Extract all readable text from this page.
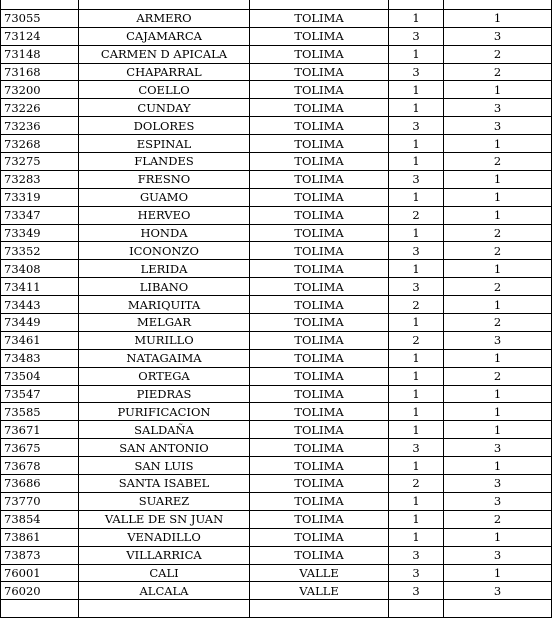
73055	ARMERO	TOLIMA	1	1
73124	CAJAMARCA	TOLIMA	3	3
73148	CARMEN D APICALA	TOLIMA	1	2
73168	CHAPARRAL	TOLIMA	3	2
73200	COELLO	TOLIMA	1	1
73226	CUNDAY	TOLIMA	1	3
73236	DOLORES	TOLIMA	3	3
73268	ESPINAL	TOLIMA	1	1
73275	FLANDES	TOLIMA	1	2
73283	FRESNO	TOLIMA	3	1
73319	GUAMO	TOLIMA	1	1
73347	HERVEO	TOLIMA	2	1
73349	HONDA	TOLIMA	1	2
73352	ICONONZO	TOLIMA	3	2
73408	LERIDA	TOLIMA	1	1
73411	LIBANO	TOLIMA	3	2
73443	MARIQUITA	TOLIMA	2	1
73449	MELGAR	TOLIMA	1	2
73461	MURILLO	TOLIMA	2	3
73483	NATAGAIMA	TOLIMA	1	1
73504	ORTEGA	TOLIMA	1	2
73547	PIEDRAS	TOLIMA	1	1
73585	PURIFICACION	TOLIMA	1	1
73671	SALDAÑA	TOLIMA	1	1
73675	SAN ANTONIO	TOLIMA	3	3
73678	SAN LUIS	TOLIMA	1	1
73686	SANTA ISABEL	TOLIMA	2	3
73770	SUAREZ	TOLIMA	1	3
73854	VALLE DE SN JUAN	TOLIMA	1	2
73861	VENADILLO	TOLIMA	1	1
73873	VILLARRICA	TOLIMA	3	3
76001	CALI	VALLE	3	1
76020	ALCALA	VALLE	3	3
